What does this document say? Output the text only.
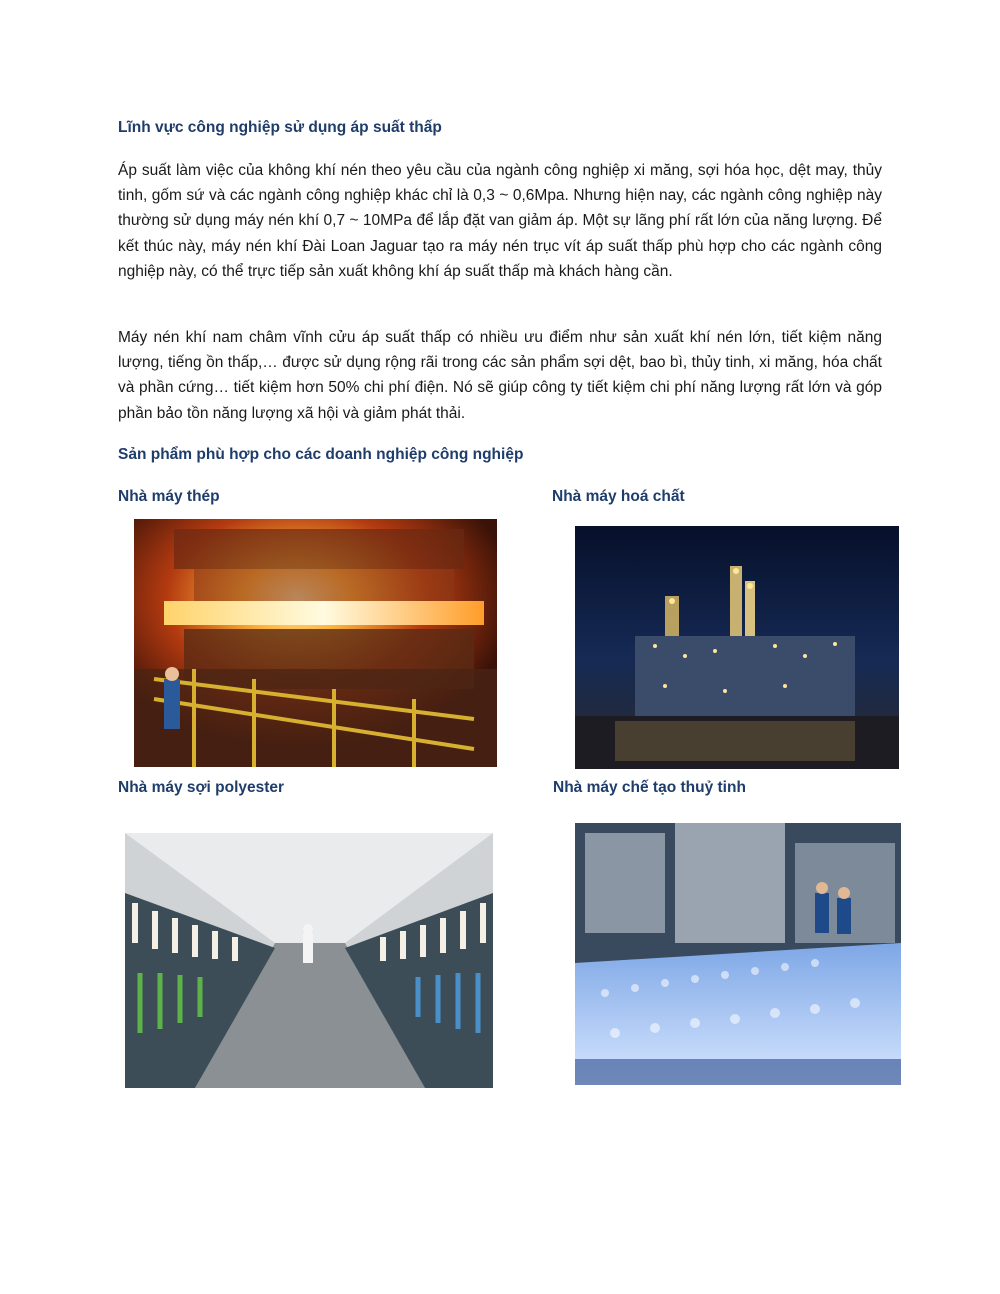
Lĩnh vực công nghiệp sử dụng áp suất thấp

Áp suất làm việc của không khí nén theo yêu cầu của ngành công nghiệp xi măng, sợi hóa học, dệt may, thủy tinh, gốm sứ và các ngành công nghiệp khác chỉ là 0,3 ~ 0,6Mpa. Nhưng hiện nay, các ngành công nghiệp này thường sử dụng máy nén khí 0,7 ~ 10MPa để lắp đặt van giảm áp. Một sự lãng phí rất lớn của năng lượng. Để kết thúc này, máy nén khí Đài Loan Jaguar tạo ra máy nén trục vít áp suất thấp phù hợp cho các ngành công nghiệp này, có thể trực tiếp sản xuất không khí áp suất thấp mà khách hàng cần.

Máy nén khí nam châm vĩnh cửu áp suất thấp có nhiều ưu điểm như sản xuất khí nén lớn, tiết kiệm năng lượng, tiếng ồn thấp,… được sử dụng rộng rãi trong các sản phẩm sợi dệt, bao bì, thủy tinh, xi măng, hóa chất và phần cứng… tiết kiệm hơn 50% chi phí điện. Nó sẽ giúp công ty tiết kiệm chi phí năng lượng rất lớn và góp phần bảo tồn năng lượng xã hội và giảm phát thải.

Sản phẩm phù hợp cho các doanh nghiệp công nghiệp
Nhà máy thép	Nhà máy hoá chất
Nhà máy sợi polyester	Nhà máy chế tạo thuỷ tinh
